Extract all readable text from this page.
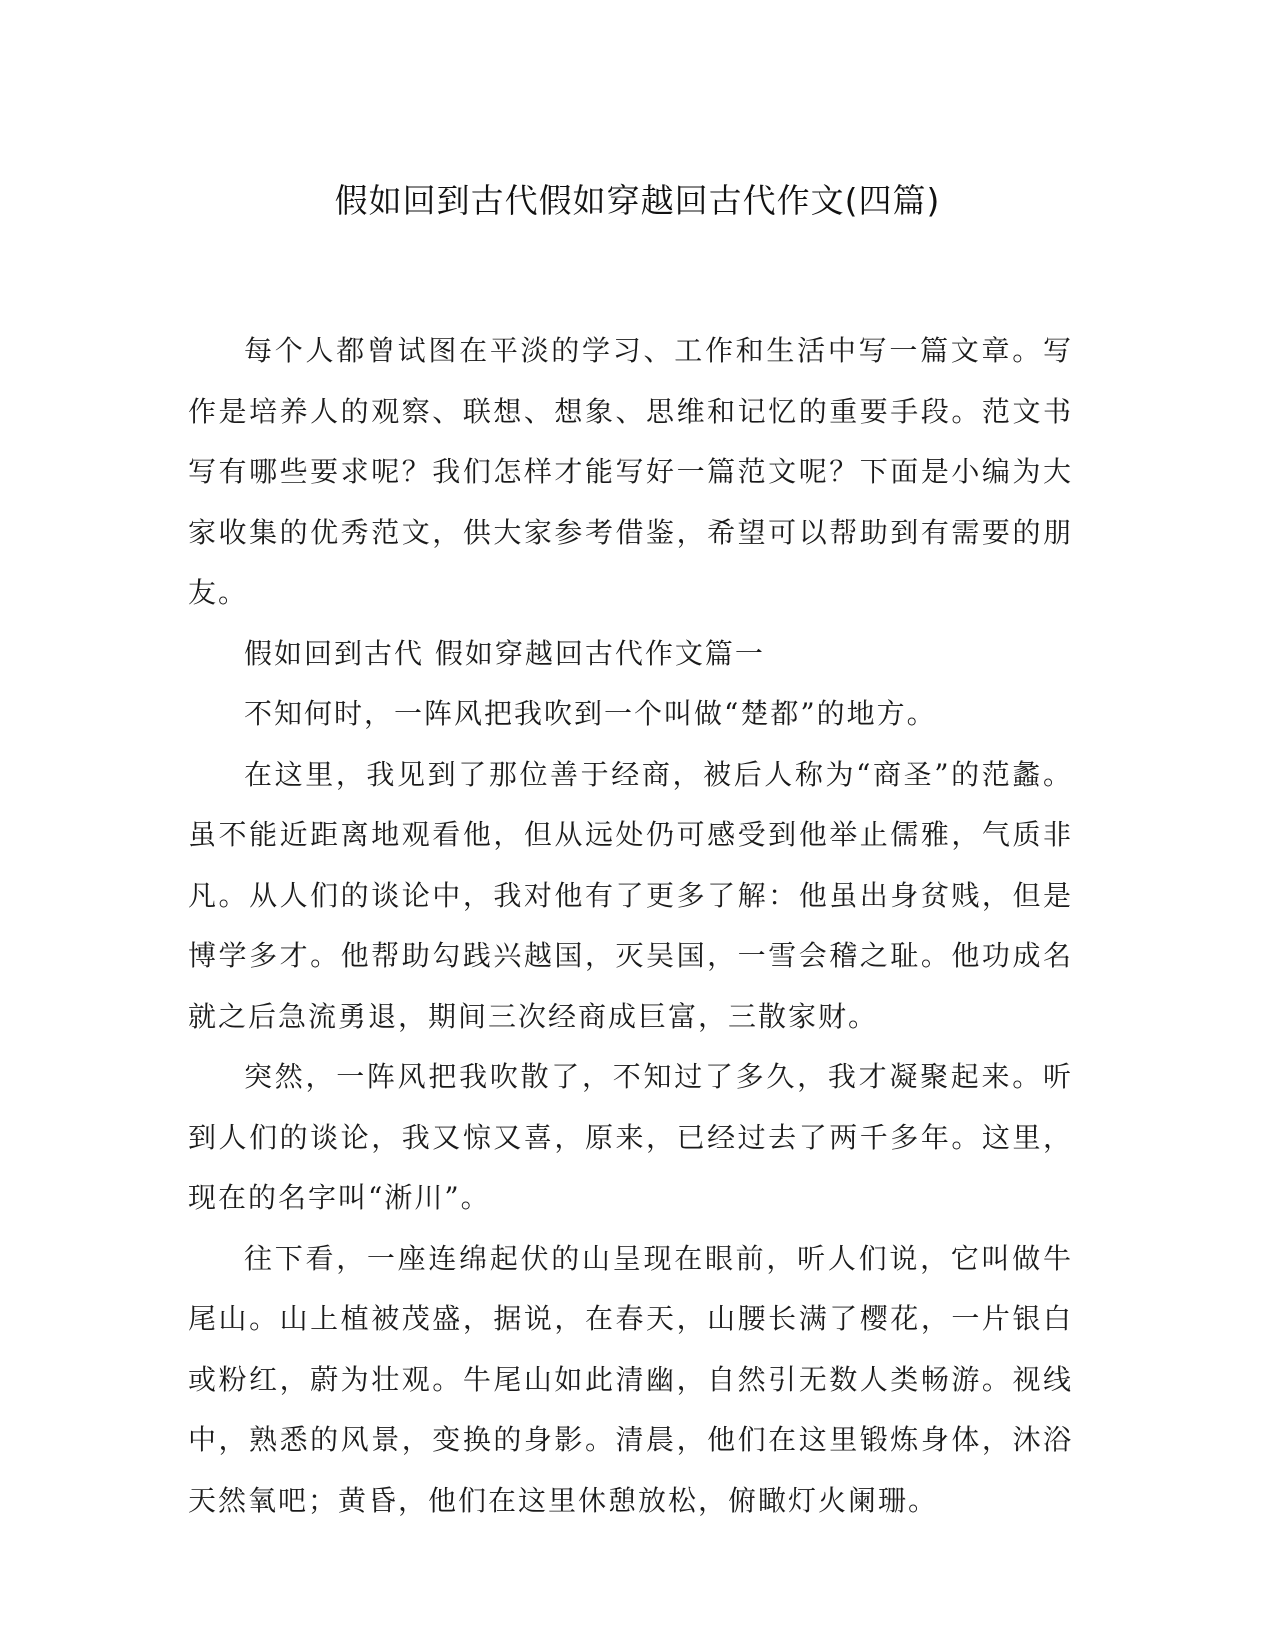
假如回到古代假如穿越回古代作文(四篇)

每个人都曾试图在平淡的学习、工作和生活中写一篇文章。写作是培养人的观察、联想、想象、思维和记忆的重要手段。范文书写有哪些要求呢？我们怎样才能写好一篇范文呢？下面是小编为大家收集的优秀范文，供大家参考借鉴，希望可以帮助到有需要的朋友。

假如回到古代 假如穿越回古代作文篇一

不知何时，一阵风把我吹到一个叫做“楚都”的地方。

在这里，我见到了那位善于经商，被后人称为“商圣”的范蠡。虽不能近距离地观看他，但从远处仍可感受到他举止儒雅，气质非凡。从人们的谈论中，我对他有了更多了解：他虽出身贫贱，但是博学多才。他帮助勾践兴越国，灭吴国，一雪会稽之耻。他功成名就之后急流勇退，期间三次经商成巨富，三散家财。

突然，一阵风把我吹散了，不知过了多久，我才凝聚起来。听到人们的谈论，我又惊又喜，原来，已经过去了两千多年。这里，现在的名字叫“淅川”。

往下看，一座连绵起伏的山呈现在眼前，听人们说，它叫做牛尾山。山上植被茂盛，据说，在春天，山腰长满了樱花，一片银白或粉红，蔚为壮观。牛尾山如此清幽，自然引无数人类畅游。视线中，熟悉的风景，变换的身影。清晨，他们在这里锻炼身体，沐浴天然氧吧；黄昏，他们在这里休憩放松，俯瞰灯火阑珊。
